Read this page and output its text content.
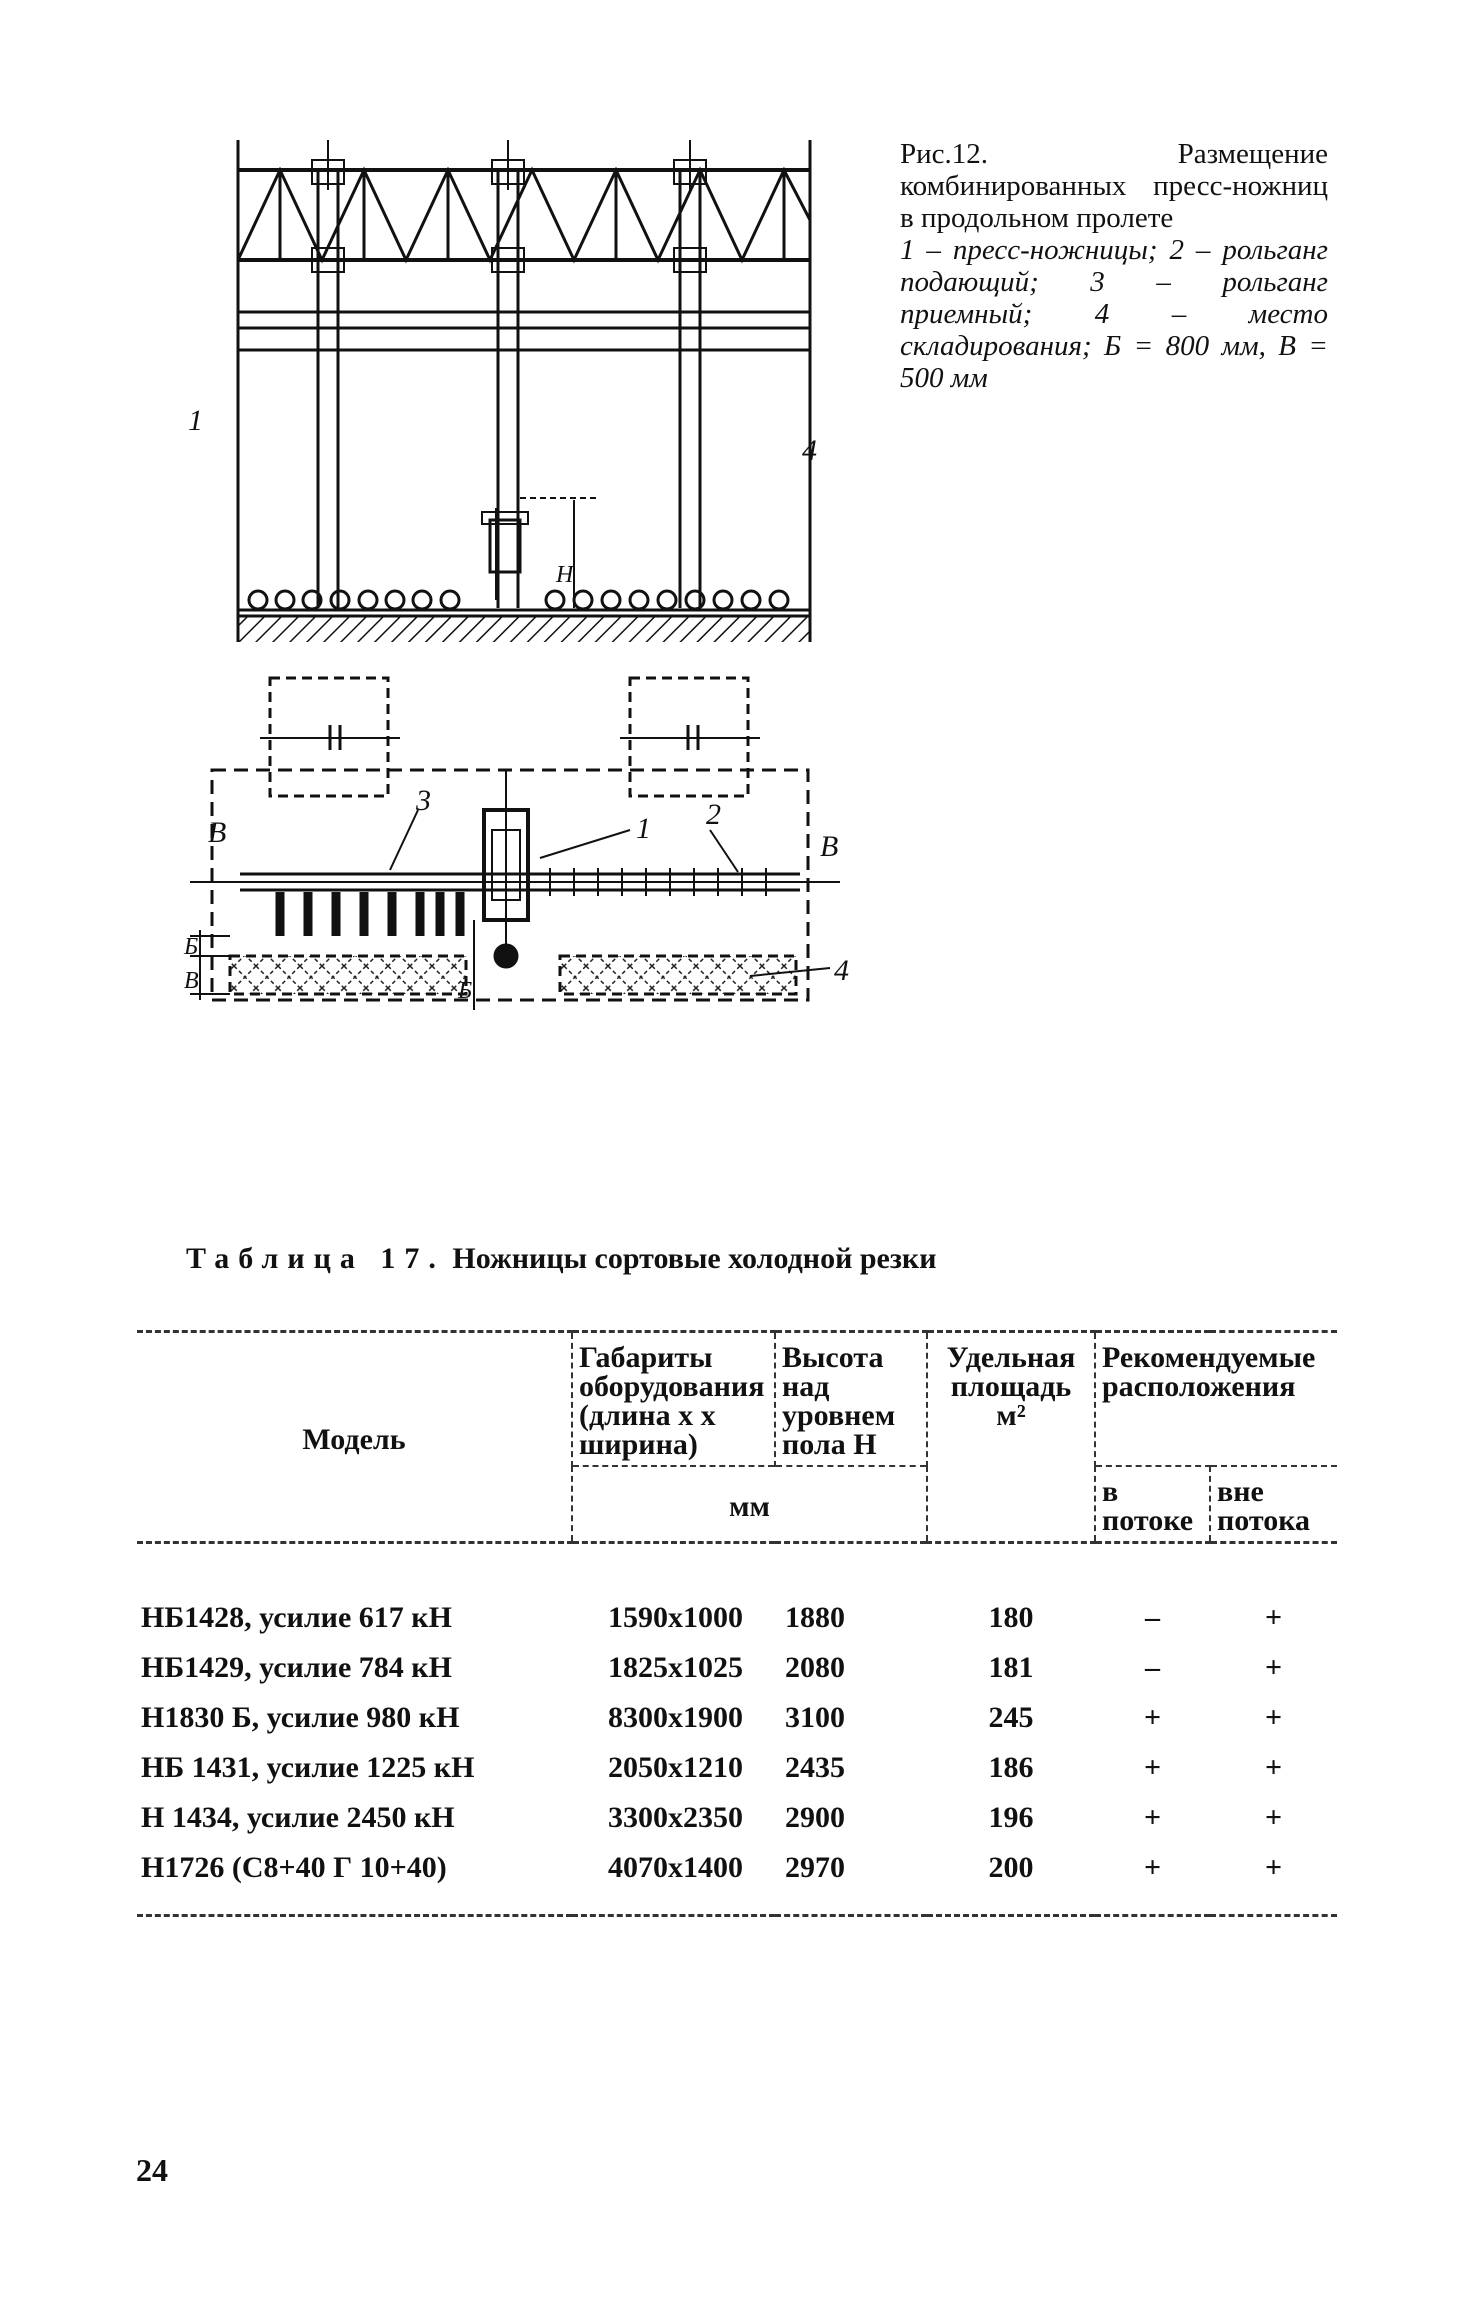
4
1
Н
3
1 2
4
В	В
Б
Б
В
Рис.12. Размещение комбинированных пресс-ножниц в продольном пролете
1 – пресс-ножницы; 2 – рольганг подающий; 3 – рольганг приемный; 4 – место складирования; Б = 800 мм, В = 500 мм
Таблица 17. Ножницы сортовые холодной резки
Модель	Габариты оборудования (длина х х ширина)	Высота над уровнем пола Н	Удельная площадь м²	Рекомендуемые расположения	
	мм			в потоке	вне потока

НБ1428, усилие 617 кН	1590х1000	1880	180	–	+
НБ1429, усилие 784 кН	1825х1025	2080	181	–	+
Н1830 Б, усилие 980 кН	8300х1900	3100	245	+	+
НБ 1431, усилие 1225 кН	2050х1210	2435	186	+	+
Н 1434, усилие 2450 кН	3300х2350	2900	196	+	+
Н1726 (С8+40 Г 10+40)	4070х1400	2970	200	+	+
24
